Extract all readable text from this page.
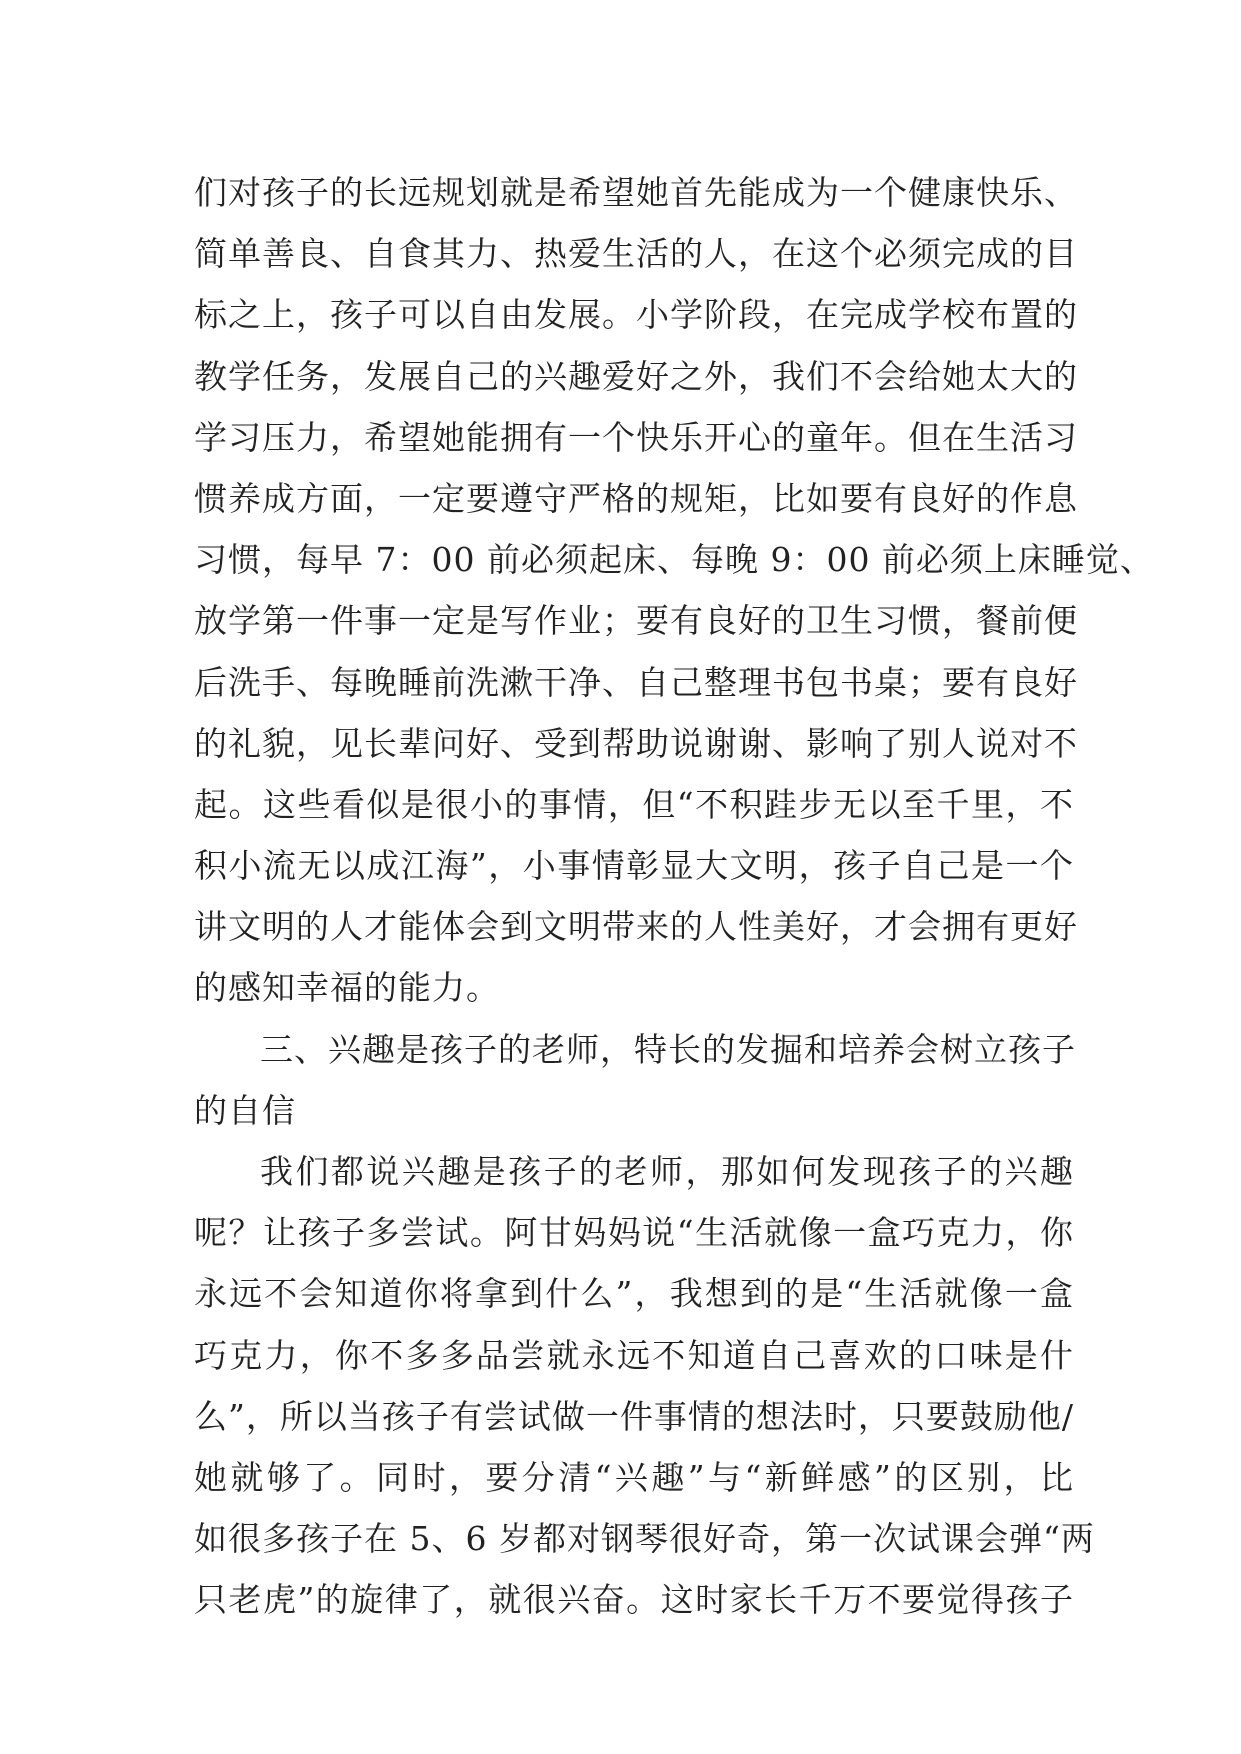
们对孩子的长远规划就是希望她首先能成为一个健康快乐、
简单善良、自食其力、热爱生活的人，在这个必须完成的目
标之上，孩子可以自由发展。小学阶段，在完成学校布置的
教学任务，发展自己的兴趣爱好之外，我们不会给她太大的
学习压力，希望她能拥有一个快乐开心的童年。但在生活习
惯养成方面，一定要遵守严格的规矩，比如要有良好的作息
习惯，每早 7：00 前必须起床、每晚 9：00 前必须上床睡觉、
放学第一件事一定是写作业；要有良好的卫生习惯，餐前便
后洗手、每晚睡前洗漱干净、自己整理书包书桌；要有良好
的礼貌，见长辈问好、受到帮助说谢谢、影响了别人说对不
起。这些看似是很小的事情，但“不积跬步无以至千里，不
积小流无以成江海”，小事情彰显大文明，孩子自己是一个
讲文明的人才能体会到文明带来的人性美好，才会拥有更好
的感知幸福的能力。
三、兴趣是孩子的老师，特长的发掘和培养会树立孩子
的自信
我们都说兴趣是孩子的老师，那如何发现孩子的兴趣
呢？让孩子多尝试。阿甘妈妈说“生活就像一盒巧克力，你
永远不会知道你将拿到什么”，我想到的是“生活就像一盒
巧克力，你不多多品尝就永远不知道自己喜欢的口味是什
么”，所以当孩子有尝试做一件事情的想法时，只要鼓励他/
她就够了。同时，要分清“兴趣”与“新鲜感”的区别，比
如很多孩子在 5、6 岁都对钢琴很好奇，第一次试课会弹“两
只老虎”的旋律了，就很兴奋。这时家长千万不要觉得孩子
